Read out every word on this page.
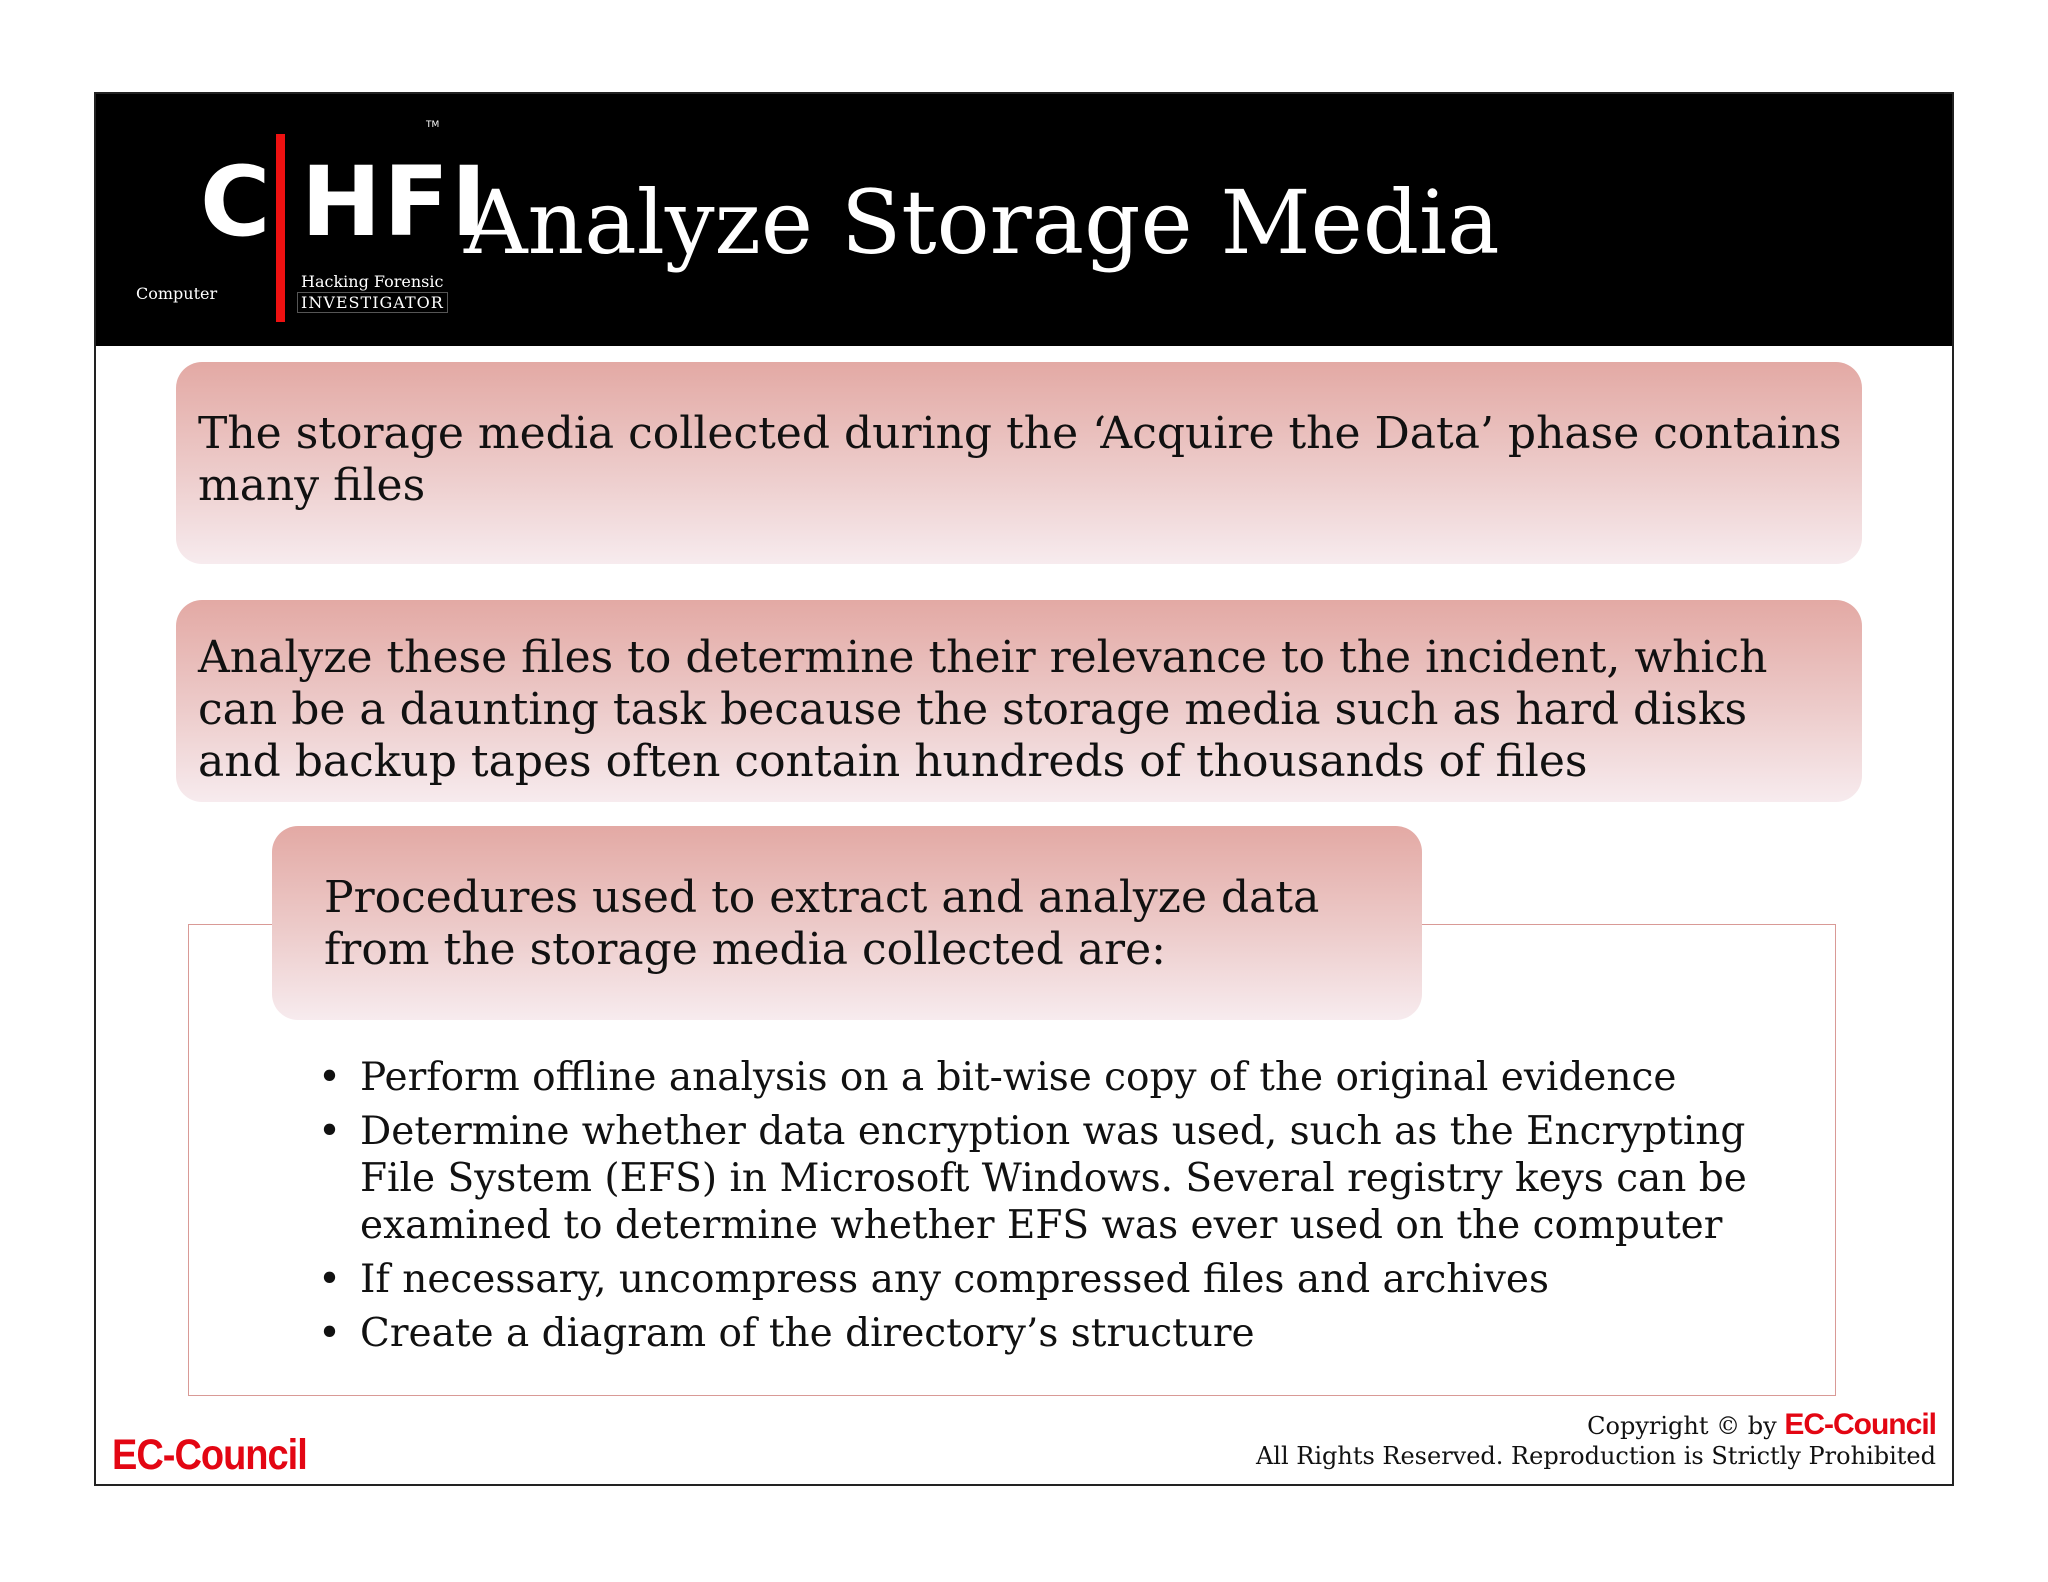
C HFI
TM
Computer
Hacking Forensic
INVESTIGATOR
Analyze Storage Media
The storage media collected during the ‘Acquire the Data’ phase contains many files
Analyze these files to determine their relevance to the incident, which can be a daunting task because the storage media such as hard disks and backup tapes often contain hundreds of thousands of files
Procedures used to extract and analyze data from the storage media collected are:
• Perform offline analysis on a bit-wise copy of the original evidence
• Determine whether data encryption was used, such as the Encrypting File System (EFS) in Microsoft Windows. Several registry keys can be examined to determine whether EFS was ever used on the computer
• If necessary, uncompress any compressed files and archives
• Create a diagram of the directory’s structure
EC-Council
Copyright © by EC-Council
All Rights Reserved. Reproduction is Strictly Prohibited
